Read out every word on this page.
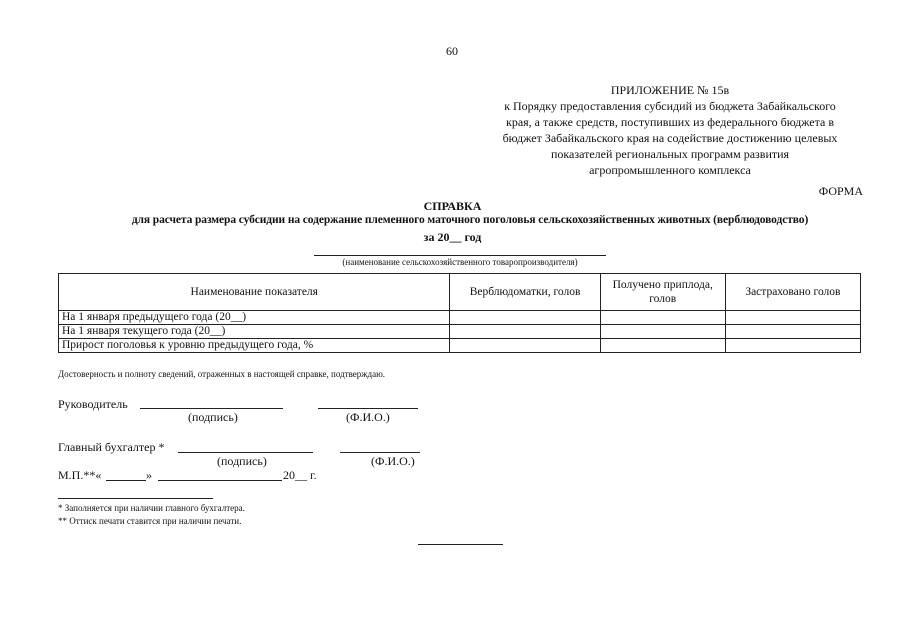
60
ПРИЛОЖЕНИЕ № 15в
к Порядку предоставления субсидий из бюджета Забайкальского
края, а также средств, поступивших из федерального бюджета в
бюджет Забайкальского края на содействие достижению целевых
показателей региональных программ развития
агропромышленного комплекса
ФОРМА
СПРАВКА
для расчета размера субсидии на содержание племенного маточного поголовья сельскохозяйственных животных (верблюдоводство)
за 20__ год
(наименование сельскохозяйственного товаропроизводителя)
Наименование показателя	Верблюдоматки, голов	Получено приплода, голов	Застраховано голов
На 1 января предыдущего года (20__)			
На 1 января текущего года (20__)			
Прирост поголовья к уровню предыдущего года, %			
Достоверность и полноту сведений, отраженных в настоящей справке, подтверждаю.
Руководитель
(подпись)	(Ф.И.О.)
Главный бухгалтер *
(подпись)	(Ф.И.О.)
М.П.**«	»	20__ г.
* Заполняется при наличии главного бухгалтера.
** Оттиск печати ставится при наличии печати.
